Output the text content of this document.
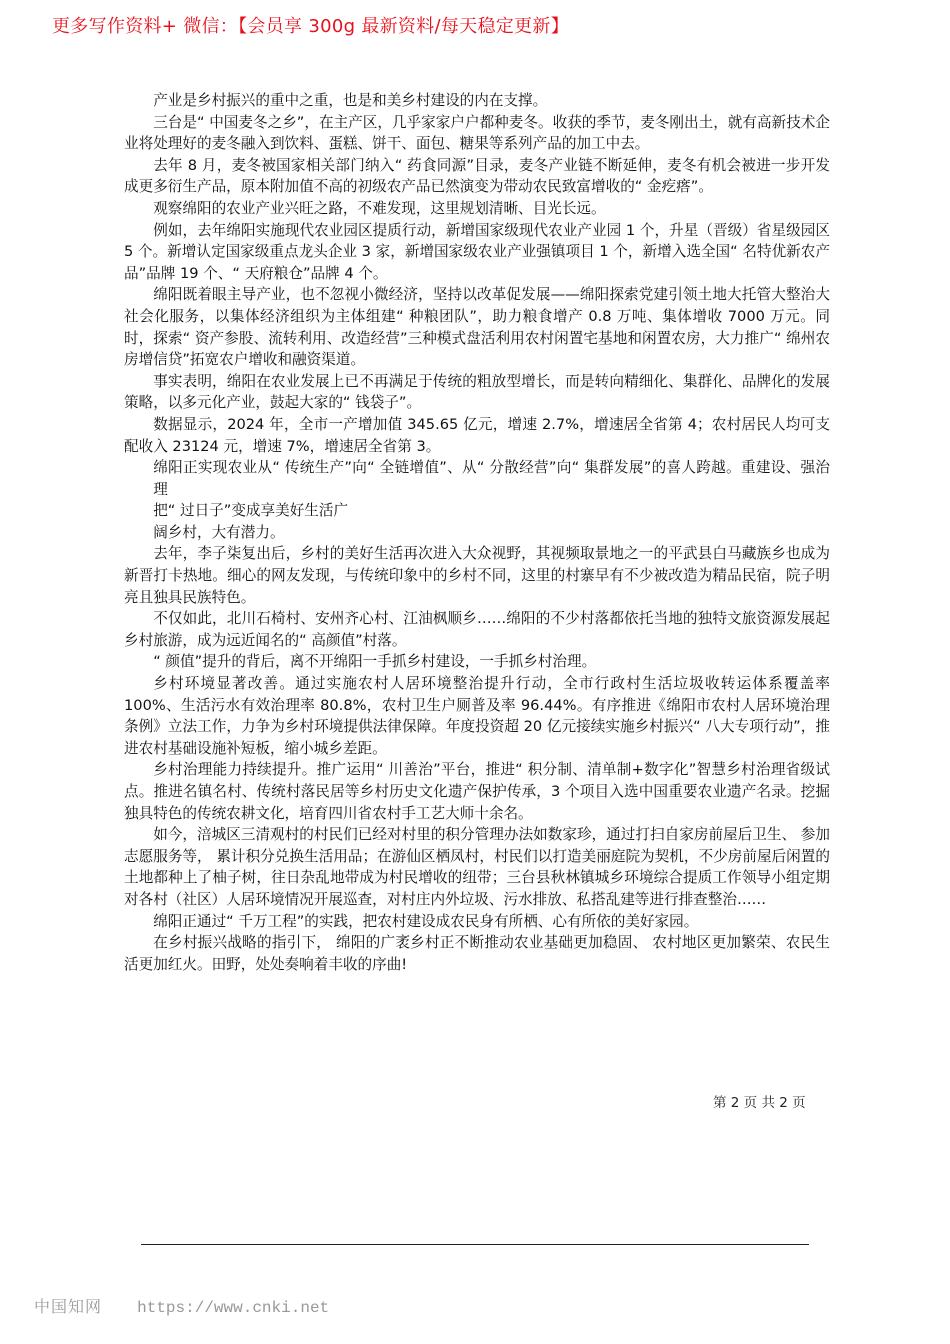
更多写作资料+ 微信：【会员享 300g 最新资料/每天稳定更新】

产业是乡村振兴的重中之重，也是和美乡村建设的内在支撑。

三台是“ 中国麦冬之乡”，在主产区，几乎家家户户都种麦冬。收获的季节，麦冬刚出土，就有高新技术企业将处理好的麦冬融入到饮料、蛋糕、饼干、面包、糖果等系列产品的加工中去。

去年 8 月，麦冬被国家相关部门纳入“ 药食同源”目录，麦冬产业链不断延伸，麦冬有机会被进一步开发成更多衍生产品，原本附加值不高的初级农产品已然演变为带动农民致富增收的“ 金疙瘩”。

观察绵阳的农业产业兴旺之路，不难发现，这里规划清晰、目光长远。

例如，去年绵阳实施现代农业园区提质行动，新增国家级现代农业产业园 1 个，升星（晋级）省星级园区 5 个。新增认定国家级重点龙头企业 3 家，新增国家级农业产业强镇项目 1 个，新增入选全国“ 名特优新农产品”品牌 19 个、“ 天府粮仓”品牌 4 个。

绵阳既着眼主导产业，也不忽视小微经济，坚持以改革促发展——绵阳探索党建引领土地大托管大整治大社会化服务，以集体经济组织为主体组建“ 种粮团队”，助力粮食增产 0.8 万吨、集体增收 7000 万元。同时，探索“ 资产参股、流转利用、改造经营”三种模式盘活利用农村闲置宅基地和闲置农房，大力推广“ 绵州农房增信贷”拓宽农户增收和融资渠道。

事实表明，绵阳在农业发展上已不再满足于传统的粗放型增长，而是转向精细化、集群化、品牌化的发展策略，以多元化产业，鼓起大家的“ 钱袋子”。

数据显示，2024 年，全市一产增加值 345.65 亿元，增速 2.7%，增速居全省第 4；农村居民人均可支配收入 23124 元，增速 7%，增速居全省第 3。

绵阳正实现农业从“ 传统生产”向“ 全链增值”、从“ 分散经营”向“ 集群发展”的喜人跨越。重建设、强治理

把“ 过日子”变成享美好生活广

阔乡村，大有潜力。

去年，李子柒复出后，乡村的美好生活再次进入大众视野，其视频取景地之一的平武县白马藏族乡也成为新晋打卡热地。细心的网友发现，与传统印象中的乡村不同，这里的村寨早有不少被改造为精品民宿，院子明亮且独具民族特色。

不仅如此，北川石椅村、安州齐心村、江油枫顺乡……绵阳的不少村落都依托当地的独特文旅资源发展起乡村旅游，成为远近闻名的“ 高颜值”村落。

“ 颜值”提升的背后，离不开绵阳一手抓乡村建设，一手抓乡村治理。

乡村环境显著改善。通过实施农村人居环境整治提升行动，全市行政村生活垃圾收转运体系覆盖率 100%、生活污水有效治理率 80.8%，农村卫生户厕普及率 96.44%。有序推进《绵阳市农村人居环境治理条例》立法工作，力争为乡村环境提供法律保障。年度投资超 20 亿元接续实施乡村振兴“ 八大专项行动”，推进农村基础设施补短板，缩小城乡差距。

乡村治理能力持续提升。推广运用“ 川善治”平台，推进“ 积分制、清单制+数字化”智慧乡村治理省级试点。推进名镇名村、传统村落民居等乡村历史文化遗产保护传承，3 个项目入选中国重要农业遗产名录。挖掘独具特色的传统农耕文化，培育四川省农村手工艺大师十余名。

如今，涪城区三清观村的村民们已经对村里的积分管理办法如数家珍，通过打扫自家房前屋后卫生、 参加志愿服务等， 累计积分兑换生活用品；在游仙区栖凤村，村民们以打造美丽庭院为契机，不少房前屋后闲置的土地都种上了柚子树，往日杂乱地带成为村民增收的纽带；三台县秋林镇城乡环境综合提质工作领导小组定期对各村（社区）人居环境情况开展巡查，对村庄内外垃圾、污水排放、私搭乱建等进行排查整治……

绵阳正通过“ 千万工程”的实践，把农村建设成农民身有所栖、心有所依的美好家园。

在乡村振兴战略的指引下， 绵阳的广袤乡村正不断推动农业基础更加稳固、 农村地区更加繁荣、农民生活更加红火。田野，处处奏响着丰收的序曲!

第 2 页 共 2 页
中国知网 https://www.cnki.net
